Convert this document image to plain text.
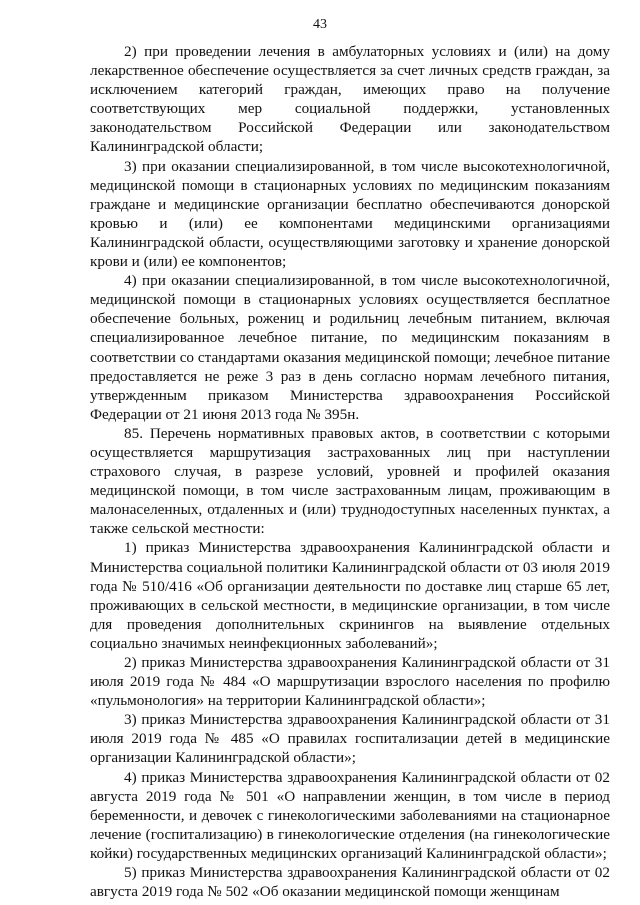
43

2) при проведении лечения в амбулаторных условиях и (или) на дому лекарственное обеспечение осуществляется за счет личных средств граждан, за исключением категорий граждан, имеющих право на получение соответствующих мер социальной поддержки, установленных законодательством Российской Федерации или законодательством Калининградской области;

3) при оказании специализированной, в том числе высокотехнологичной, медицинской помощи в стационарных условиях по медицинским показаниям граждане и медицинские организации бесплатно обеспечиваются донорской кровью и (или) ее компонентами медицинскими организациями Калининградской области, осуществляющими заготовку и хранение донорской крови и (или) ее компонентов;

4) при оказании специализированной, в том числе высокотехнологичной, медицинской помощи в стационарных условиях осуществляется бесплатное обеспечение больных, рожениц и родильниц лечебным питанием, включая специализированное лечебное питание, по медицинским показаниям в соответствии со стандартами оказания медицинской помощи; лечебное питание предоставляется не реже 3 раз в день согласно нормам лечебного питания, утвержденным приказом Министерства здравоохранения Российской Федерации от 21 июня 2013 года № 395н.

85. Перечень нормативных правовых актов, в соответствии с которыми осуществляется маршрутизация застрахованных лиц при наступлении страхового случая, в разрезе условий, уровней и профилей оказания медицинской помощи, в том числе застрахованным лицам, проживающим в малонаселенных, отдаленных и (или) труднодоступных населенных пунктах, а также сельской местности:

1) приказ Министерства здравоохранения Калининградской области и Министерства социальной политики Калининградской области от 03 июля 2019 года № 510/416 «Об организации деятельности по доставке лиц старше 65 лет, проживающих в сельской местности, в медицинские организации, в том числе для проведения дополнительных скринингов на выявление отдельных социально значимых неинфекционных заболеваний»;

2) приказ Министерства здравоохранения Калининградской области от 31 июля 2019 года № 484 «О маршрутизации взрослого населения по профилю «пульмонология» на территории Калининградской области»;

3) приказ Министерства здравоохранения Калининградской области от 31 июля 2019 года № 485 «О правилах госпитализации детей в медицинские организации Калининградской области»;

4) приказ Министерства здравоохранения Калининградской области от 02 августа 2019 года № 501 «О направлении женщин, в том числе в период беременности, и девочек с гинекологическими заболеваниями на стационарное лечение (госпитализацию) в гинекологические отделения (на гинекологические койки) государственных медицинских организаций Калининградской области»;

5) приказ Министерства здравоохранения Калининградской области от 02 августа 2019 года № 502 «Об оказании медицинской помощи женщинам
